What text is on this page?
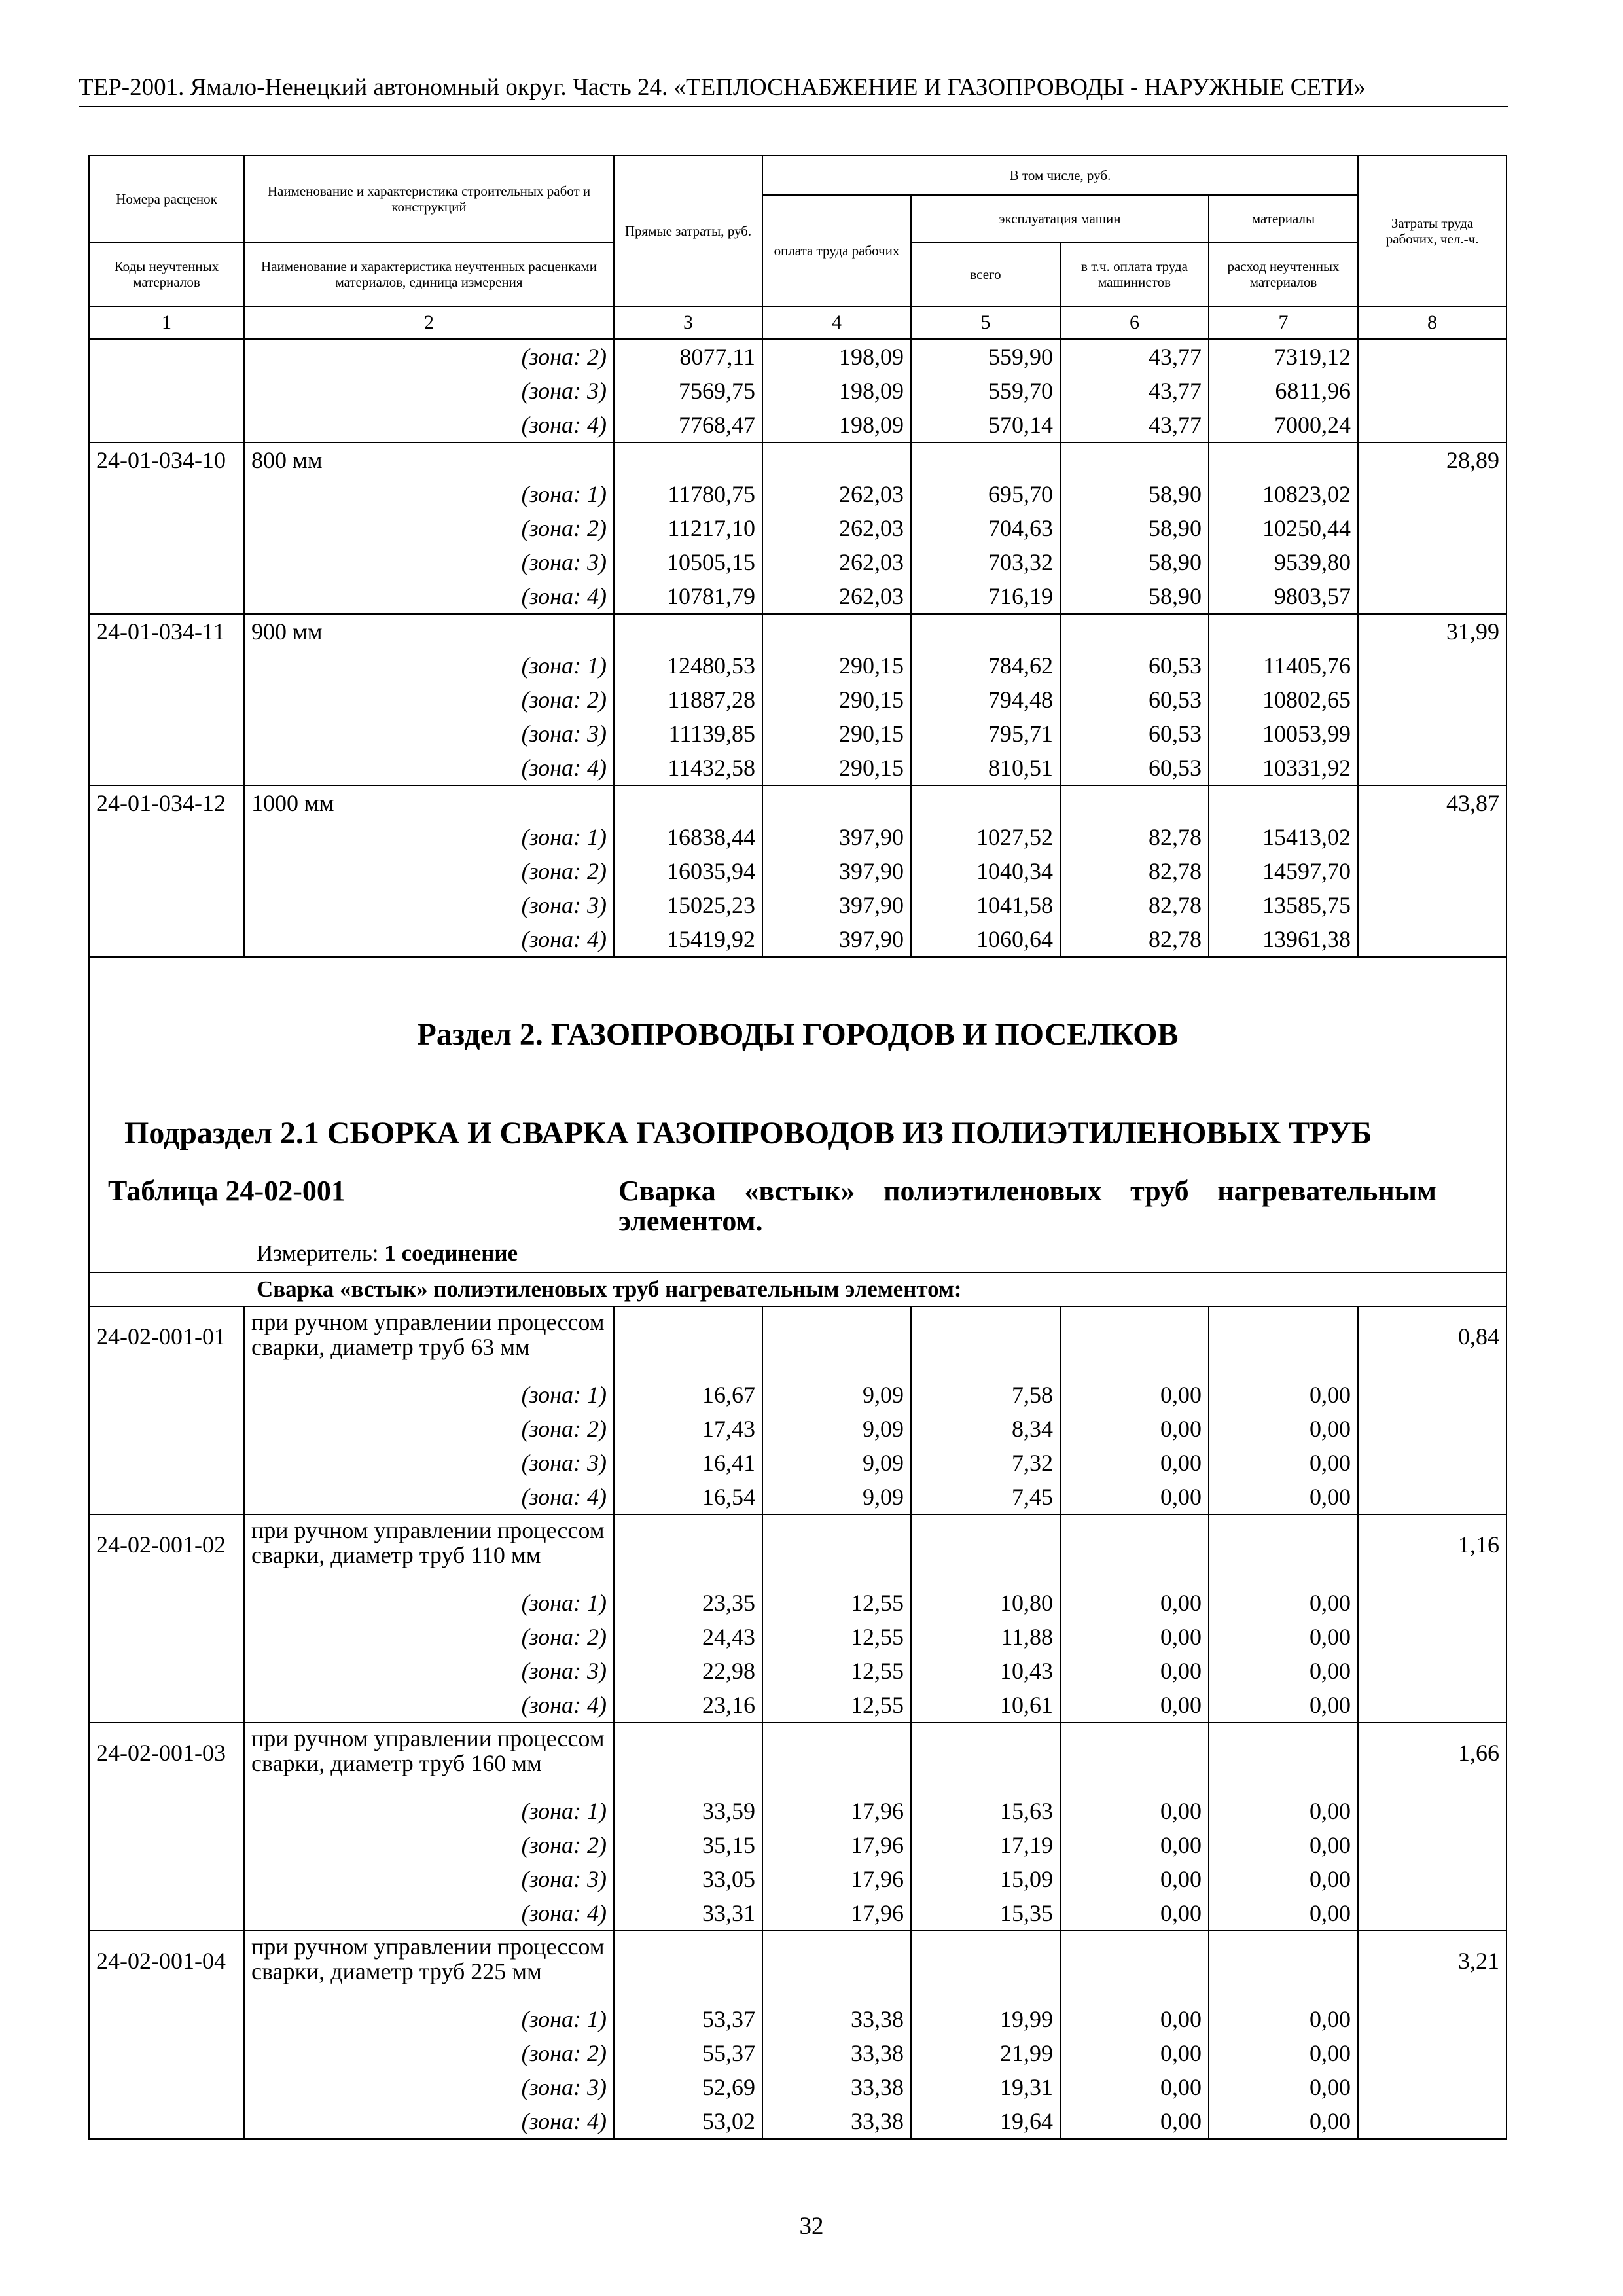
ТЕР-2001. Ямало-Ненецкий автономный округ. Часть 24. «ТЕПЛОСНАБЖЕНИЕ И ГАЗОПРОВОДЫ - НАРУЖНЫЕ СЕТИ»
Номера расценок	Наименование и характеристика строительных работ и конструкций	Прямые затраты, руб.	В том числе, руб.				Затраты труда рабочих, чел.-ч.
			оплата труда рабочих	эксплуатация машин		материалы	
Коды неучтенных материалов	Наименование и характеристика неучтенных расценками материалов, единица измерения			всего	в т.ч. оплата труда машинистов	расход неучтенных материалов	

1	2	3	4	5	6	7	8
	(зона: 2)	8077,11	198,09	559,90	43,77	7319,12	
	(зона: 3)	7569,75	198,09	559,70	43,77	6811,96	
	(зона: 4)	7768,47	198,09	570,14	43,77	7000,24	
24-01-034-10	800 мм						28,89
	(зона: 1)	11780,75	262,03	695,70	58,90	10823,02	
	(зона: 2)	11217,10	262,03	704,63	58,90	10250,44	
	(зона: 3)	10505,15	262,03	703,32	58,90	9539,80	
	(зона: 4)	10781,79	262,03	716,19	58,90	9803,57	
24-01-034-11	900 мм						31,99
	(зона: 1)	12480,53	290,15	784,62	60,53	11405,76	
	(зона: 2)	11887,28	290,15	794,48	60,53	10802,65	
	(зона: 3)	11139,85	290,15	795,71	60,53	10053,99	
	(зона: 4)	11432,58	290,15	810,51	60,53	10331,92	
24-01-034-12	1000 мм						43,87
	(зона: 1)	16838,44	397,90	1027,52	82,78	15413,02	
	(зона: 2)	16035,94	397,90	1040,34	82,78	14597,70	
	(зона: 3)	15025,23	397,90	1041,58	82,78	13585,75	
	(зона: 4)	15419,92	397,90	1060,64	82,78	13961,38	

Раздел 2. ГАЗОПРОВОДЫ ГОРОДОВ И ПОСЕЛКОВ
Подраздел 2.1 СБОРКА И СВАРКА ГАЗОПРОВОДОВ ИЗ ПОЛИЭТИЛЕНОВЫХ ТРУБ
Таблица 24-02-001 Сварка «встык» полиэтиленовых труб нагревательным элементом.
Измеритель: 1 соединение							

Сварка «встык» полиэтиленовых труб нагревательным элементом:							
24-02-001-01	при ручном управлении процессом сварки, диаметр труб 63 мм						0,84
	(зона: 1)	16,67	9,09	7,58	0,00	0,00	
	(зона: 2)	17,43	9,09	8,34	0,00	0,00	
	(зона: 3)	16,41	9,09	7,32	0,00	0,00	
	(зона: 4)	16,54	9,09	7,45	0,00	0,00	
24-02-001-02	при ручном управлении процессом сварки, диаметр труб 110 мм						1,16
	(зона: 1)	23,35	12,55	10,80	0,00	0,00	
	(зона: 2)	24,43	12,55	11,88	0,00	0,00	
	(зона: 3)	22,98	12,55	10,43	0,00	0,00	
	(зона: 4)	23,16	12,55	10,61	0,00	0,00	
24-02-001-03	при ручном управлении процессом сварки, диаметр труб 160 мм						1,66
	(зона: 1)	33,59	17,96	15,63	0,00	0,00	
	(зона: 2)	35,15	17,96	17,19	0,00	0,00	
	(зона: 3)	33,05	17,96	15,09	0,00	0,00	
	(зона: 4)	33,31	17,96	15,35	0,00	0,00	
24-02-001-04	при ручном управлении процессом сварки, диаметр труб 225 мм						3,21
	(зона: 1)	53,37	33,38	19,99	0,00	0,00	
	(зона: 2)	55,37	33,38	21,99	0,00	0,00	
	(зона: 3)	52,69	33,38	19,31	0,00	0,00	
	(зона: 4)	53,02	33,38	19,64	0,00	0,00	
32
